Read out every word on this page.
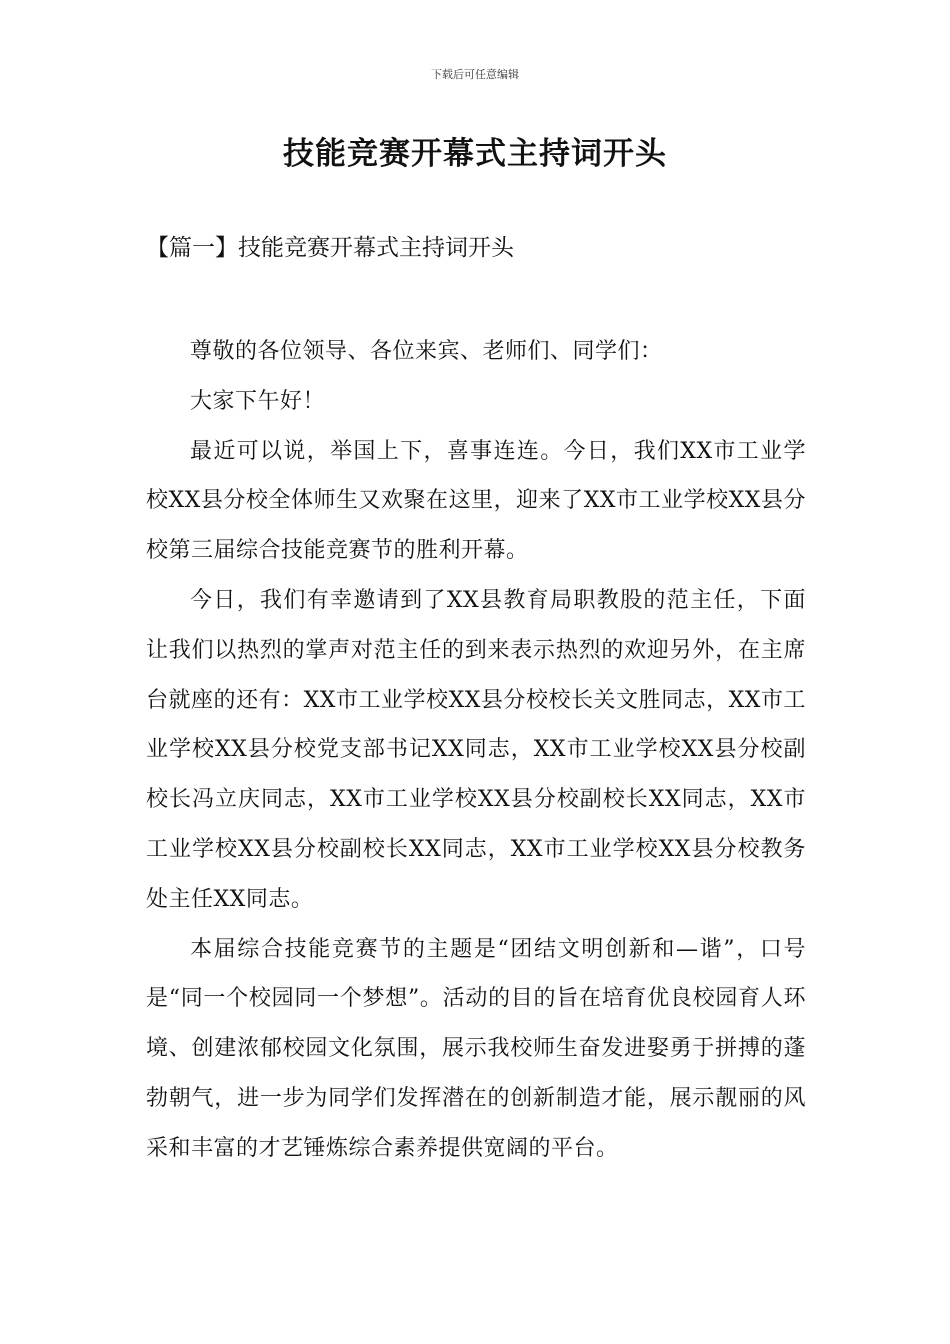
下载后可任意编辑
技能竞赛开幕式主持词开头
【篇一】技能竞赛开幕式主持词开头

尊敬的各位领导、各位来宾、老师们、同学们：

大家下午好！

最近可以说，举国上下，喜事连连。今日，我们XX市工业学校XX县分校全体师生又欢聚在这里，迎来了XX市工业学校XX县分校第三届综合技能竞赛节的胜利开幕。

今日，我们有幸邀请到了XX县教育局职教股的范主任，下面让我们以热烈的掌声对范主任的到来表示热烈的欢迎另外，在主席台就座的还有：XX市工业学校XX县分校校长关文胜同志，XX市工业学校XX县分校党支部书记XX同志，XX市工业学校XX县分校副校长冯立庆同志，XX市工业学校XX县分校副校长XX同志，XX市工业学校XX县分校副校长XX同志，XX市工业学校XX县分校教务处主任XX同志。

本届综合技能竞赛节的主题是“团结文明创新和—谐”，口号是“同一个校园同一个梦想”。活动的目的旨在培育优良校园育人环境、创建浓郁校园文化氛围，展示我校师生奋发进娶勇于拼搏的蓬勃朝气，进一步为同学们发挥潜在的创新制造才能，展示靓丽的风采和丰富的才艺锤炼综合素养提供宽阔的平台。
